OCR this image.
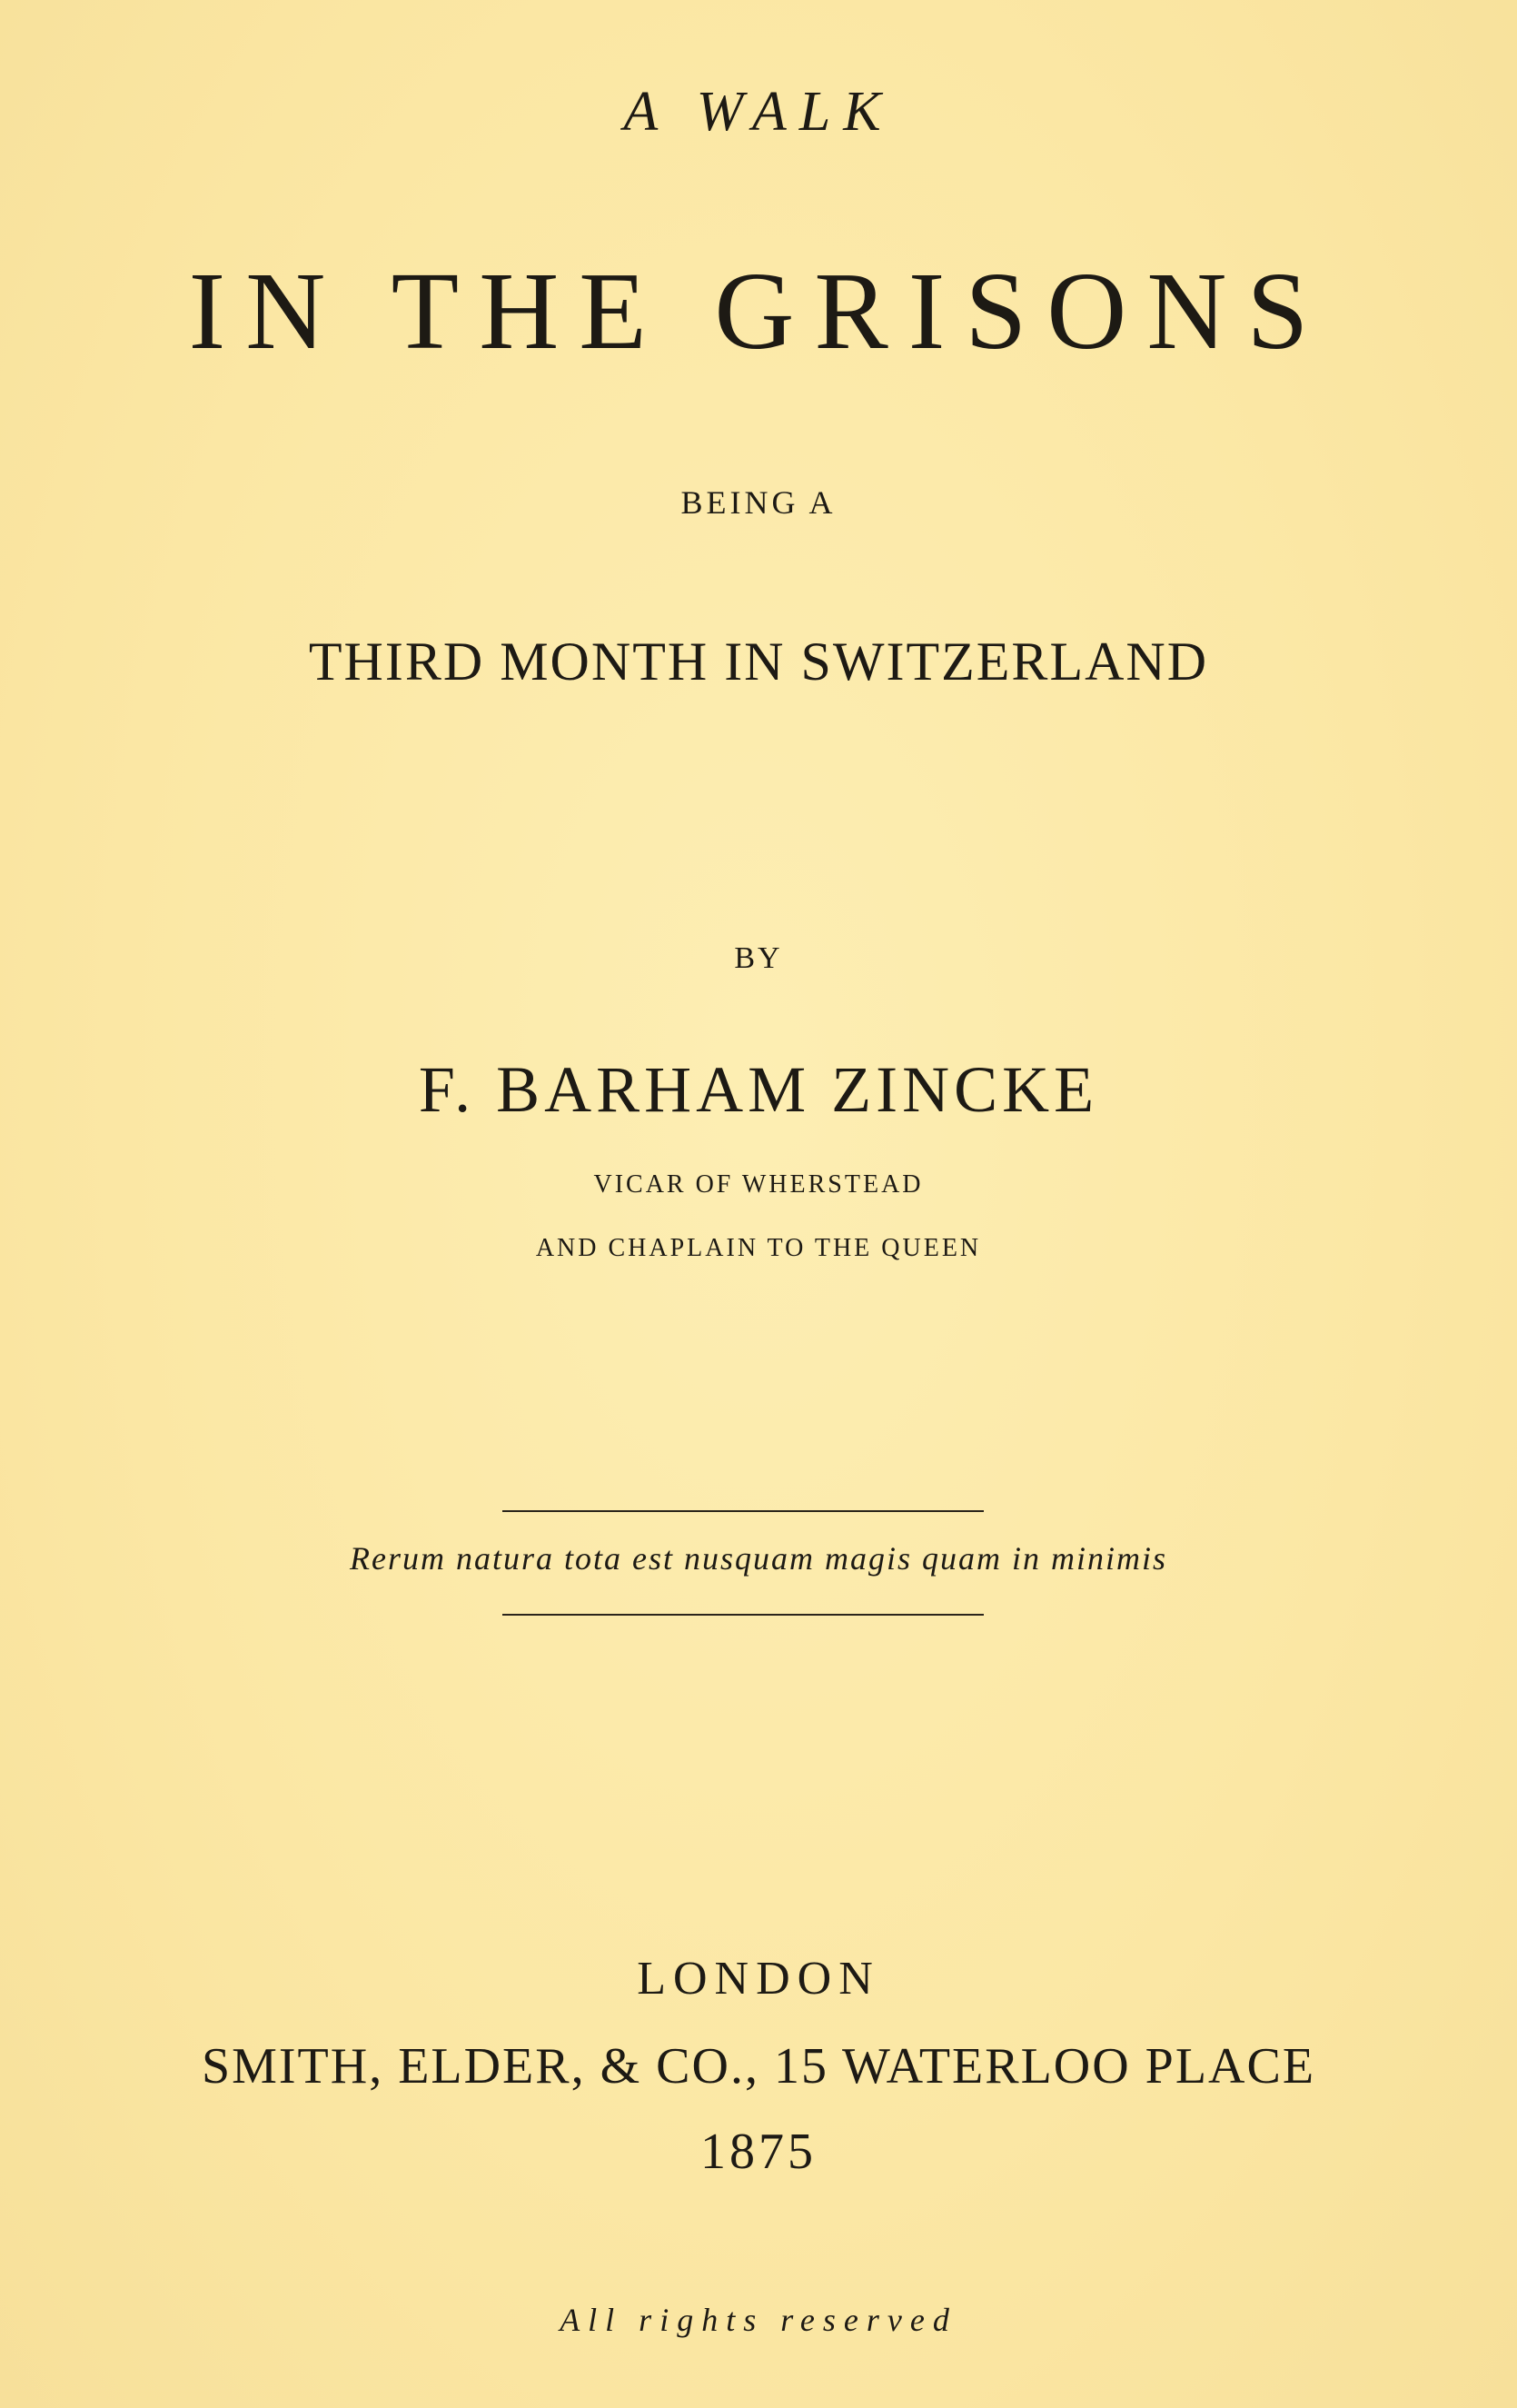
A WALK
IN THE GRISONS
BEING A
THIRD MONTH IN SWITZERLAND
BY
F. BARHAM ZINCKE
VICAR OF WHERSTEAD
AND CHAPLAIN TO THE QUEEN
Rerum natura tota est nusquam magis quam in minimis
LONDON
SMITH, ELDER, & CO., 15 WATERLOO PLACE
1875
All rights reserved
